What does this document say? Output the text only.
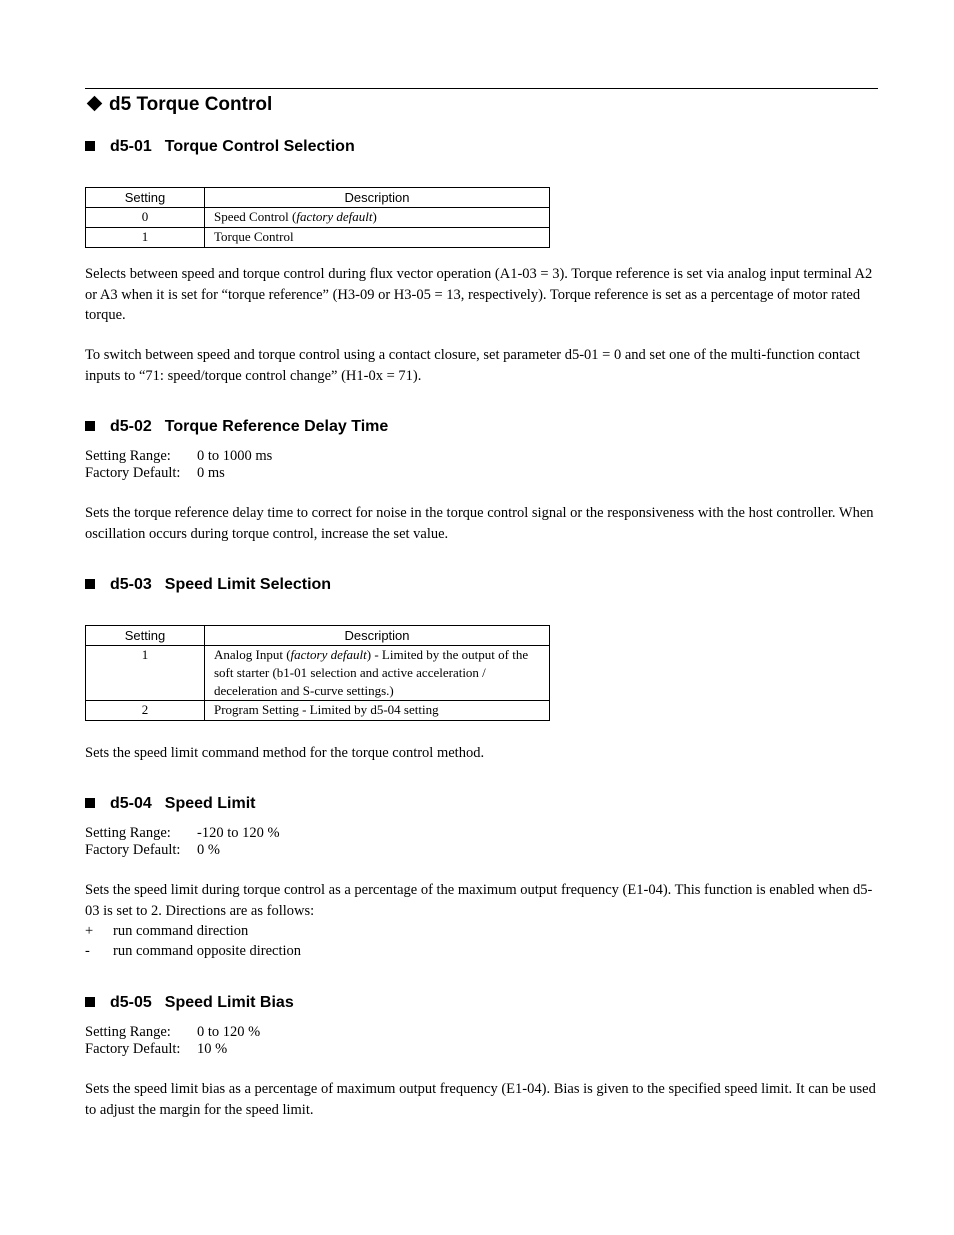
d5 Torque Control
d5-01 Torque Control Selection
Setting	Description
0	Speed Control (factory default)
1	Torque Control
Selects between speed and torque control during flux vector operation (A1-03 = 3). Torque reference is set via analog input terminal A2 or A3 when it is set for “torque reference” (H3-09 or H3-05 = 13, respectively). Torque reference is set as a percentage of motor rated torque.
To switch between speed and torque control using a contact closure, set parameter d5-01 = 0 and set one of the multi-function contact inputs to “71: speed/torque control change” (H1-0x = 71).
d5-02 Torque Reference Delay Time
Setting Range: 0 to 1000 ms
Factory Default: 0 ms
Sets the torque reference delay time to correct for noise in the torque control signal or the responsiveness with the host controller. When oscillation occurs during torque control, increase the set value.
d5-03 Speed Limit Selection
Setting	Description
1	Analog Input (factory default) - Limited by the output of the soft starter (b1-01 selection and active acceleration / deceleration and S-curve settings.)
2	Program Setting - Limited by d5-04 setting
Sets the speed limit command method for the torque control method.
d5-04 Speed Limit
Setting Range: -120 to 120 %
Factory Default: 0 %
Sets the speed limit during torque control as a percentage of the maximum output frequency (E1-04). This function is enabled when d5-03 is set to 2. Directions are as follows:
+ run command direction
- run command opposite direction
d5-05 Speed Limit Bias
Setting Range: 0 to 120 %
Factory Default: 10 %
Sets the speed limit bias as a percentage of maximum output frequency (E1-04). Bias is given to the specified speed limit. It can be used to adjust the margin for the speed limit.
